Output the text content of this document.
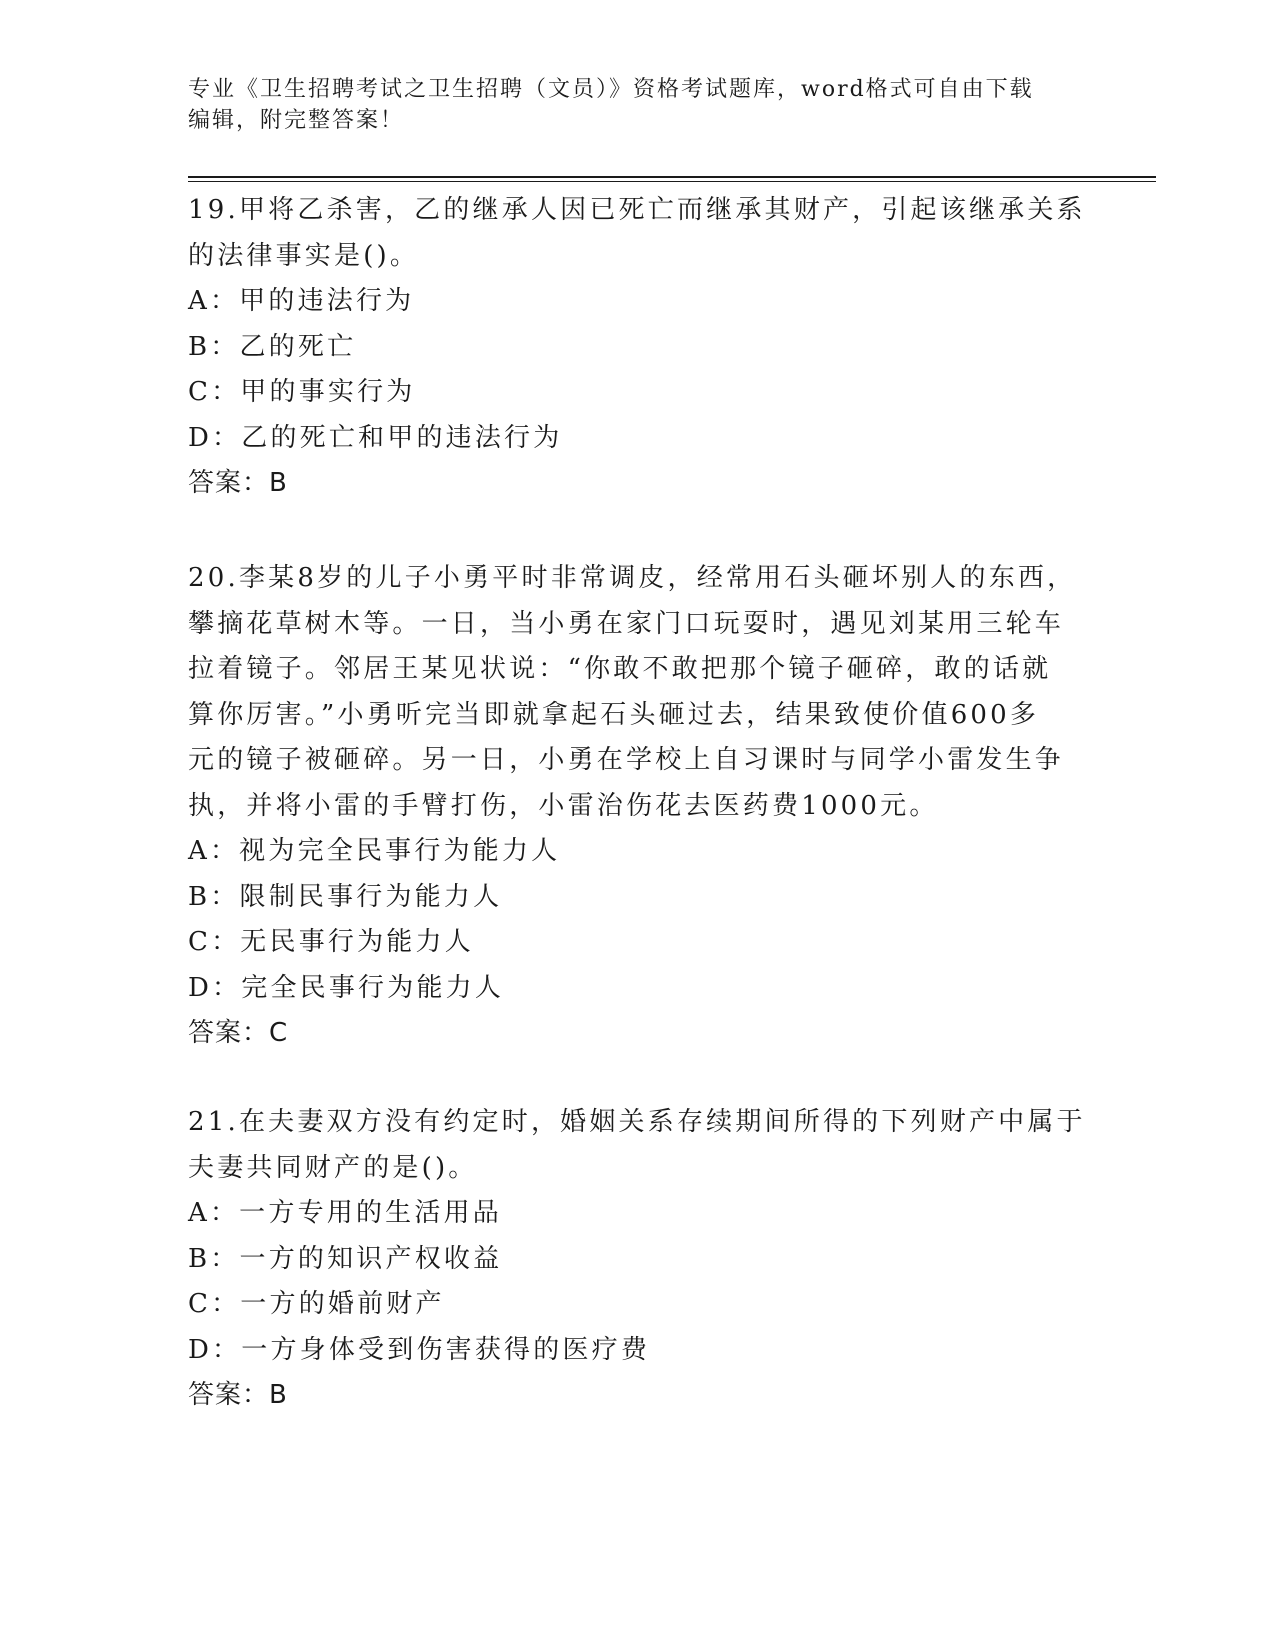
专业《卫生招聘考试之卫生招聘（文员）》资格考试题库，word格式可自由下载
编辑，附完整答案！

19.甲将乙杀害，乙的继承人因已死亡而继承其财产，引起该继承关系

的法律事实是()。

A：甲的违法行为

B：乙的死亡

C：甲的事实行为

D：乙的死亡和甲的违法行为

答案：B

20.李某8岁的儿子小勇平时非常调皮，经常用石头砸坏别人的东西，

攀摘花草树木等。一日，当小勇在家门口玩耍时，遇见刘某用三轮车

拉着镜子。邻居王某见状说：“你敢不敢把那个镜子砸碎，敢的话就

算你厉害。”小勇听完当即就拿起石头砸过去，结果致使价值600多

元的镜子被砸碎。另一日，小勇在学校上自习课时与同学小雷发生争

执，并将小雷的手臂打伤，小雷治伤花去医药费1000元。

A：视为完全民事行为能力人

B：限制民事行为能力人

C：无民事行为能力人

D：完全民事行为能力人

答案：C

21.在夫妻双方没有约定时，婚姻关系存续期间所得的下列财产中属于

夫妻共同财产的是()。

A：一方专用的生活用品

B：一方的知识产权收益

C：一方的婚前财产

D：一方身体受到伤害获得的医疗费

答案：B
